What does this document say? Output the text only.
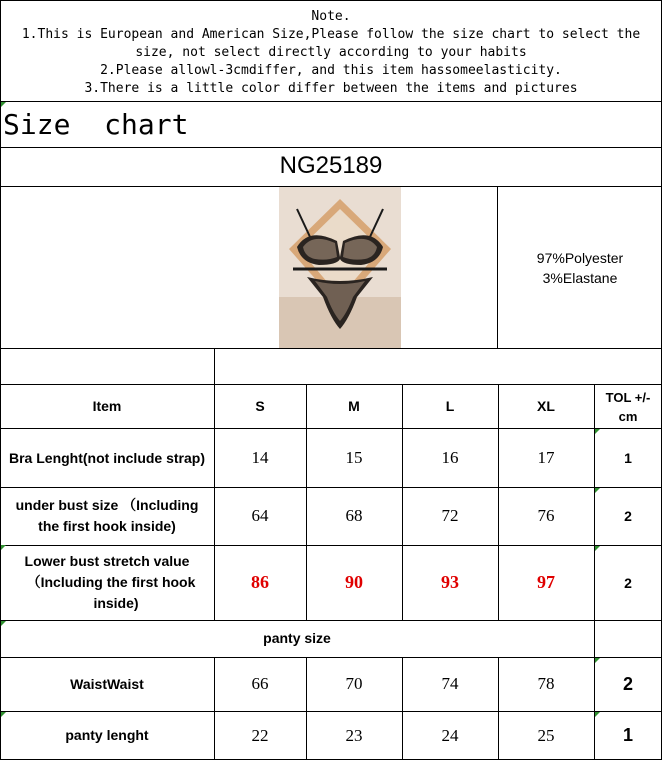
Note.
1.This is European and American Size,Please follow the size chart to select the
size, not select directly according to your habits
2.Please allowl-3cmdiffer, and this item hassomeelasticity.
3.There is a little color differ between the items and pictures
Size  chart
NG25189
97%Polyester
3%Elastane
Item	S	M	L	XL	TOL +/-
cm
Bra Lenght(not include strap)	14	15	16	17	1
under bust size （Including
the first hook inside)
64	68	72	76	2
Lower bust stretch value
（Including the first hook
inside)
86	90	93	97	2
panty size
WaistWaist	66	70	74	78	2
panty lenght	22	23	24	25	1
